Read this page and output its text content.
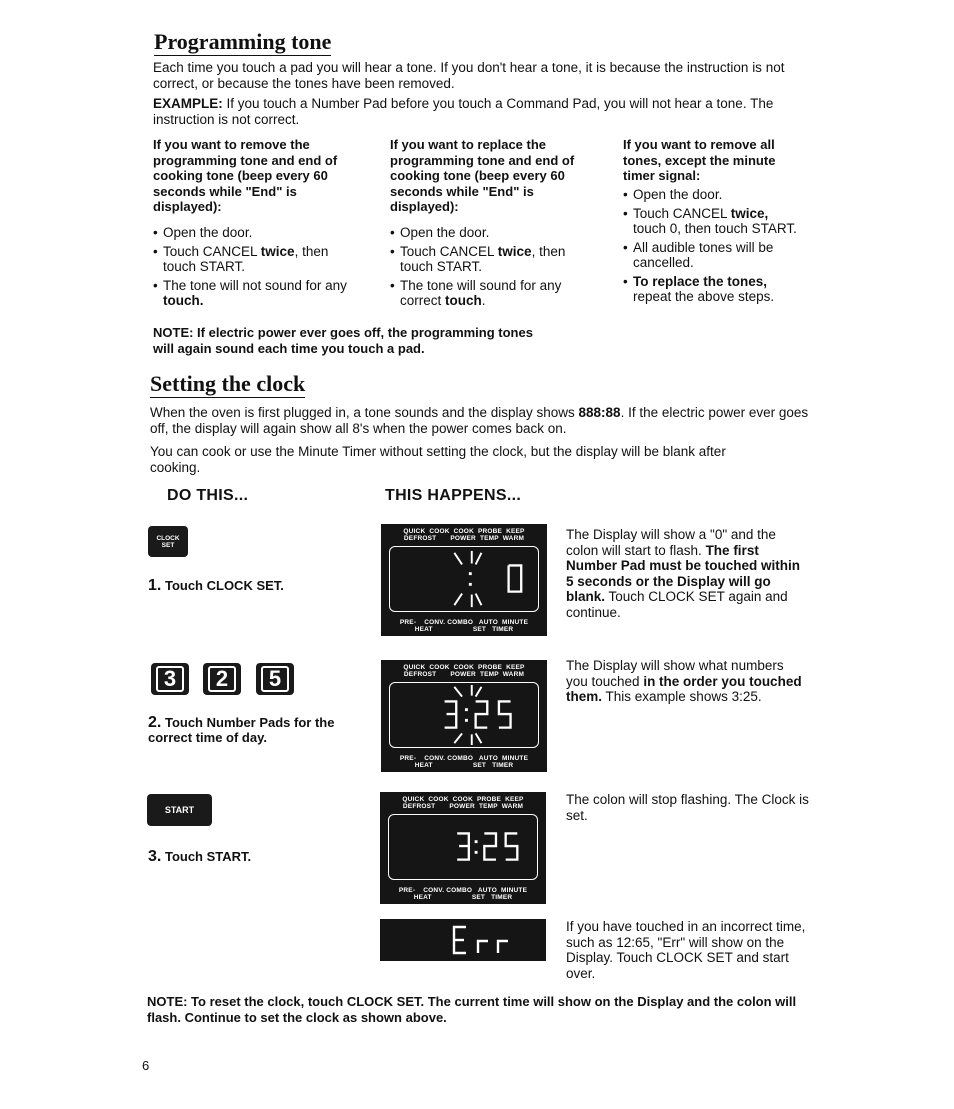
Programming tone
Each time you touch a pad you will hear a tone. If you don't hear a tone, it is because the instruction is not correct, or because the tones have been removed.
EXAMPLE: If you touch a Number Pad before you touch a Command Pad, you will not hear a tone. The instruction is not correct.
If you want to remove the programming tone and end of cooking tone (beep every 60 seconds while "End" is displayed):
• Open the door.
• Touch CANCEL twice, then touch START.
• The tone will not sound for any touch.
If you want to replace the programming tone and end of cooking tone (beep every 60 seconds while "End" is displayed):
• Open the door.
• Touch CANCEL twice, then touch START.
• The tone will sound for any correct touch.
If you want to remove all tones, except the minute timer signal:
• Open the door.
• Touch CANCEL twice, touch 0, then touch START.
• All audible tones will be cancelled.
• To replace the tones, repeat the above steps.
NOTE: If electric power ever goes off, the programming tones will again sound each time you touch a pad.
Setting the clock
When the oven is first plugged in, a tone sounds and the display shows 888:88. If the electric power ever goes off, the display will again show all 8's when the power comes back on.
You can cook or use the Minute Timer without setting the clock, but the display will be blank after cooking.
DO THIS...	THIS HAPPENS...
CLOCK
SET
1. Touch CLOCK SET.
QUICK  COOK  COOK  PROBE  KEEP
DEFROST       POWER  TEMP  WARM
PRE-    CONV. COMBO   AUTO  MINUTE
HEAT                    SET   TIMER
The Display will show a "0" and the colon will start to flash. The first Number Pad must be touched within 5 seconds or the Display will go blank. Touch CLOCK SET again and continue.
3	2	5
2. Touch Number Pads for the correct time of day.
QUICK  COOK  COOK  PROBE  KEEP
DEFROST       POWER  TEMP  WARM
PRE-    CONV. COMBO   AUTO  MINUTE
HEAT                    SET   TIMER
The Display will show what numbers you touched in the order you touched them. This example shows 3:25.
START
3. Touch START.
QUICK  COOK  COOK  PROBE  KEEP
DEFROST       POWER  TEMP  WARM
PRE-    CONV. COMBO   AUTO  MINUTE
HEAT                    SET   TIMER
The colon will stop flashing. The Clock is set.
If you have touched in an incorrect time, such as 12:65, "Err" will show on the Display. Touch CLOCK SET and start over.
NOTE: To reset the clock, touch CLOCK SET. The current time will show on the Display and the colon will flash. Continue to set the clock as shown above.
6
